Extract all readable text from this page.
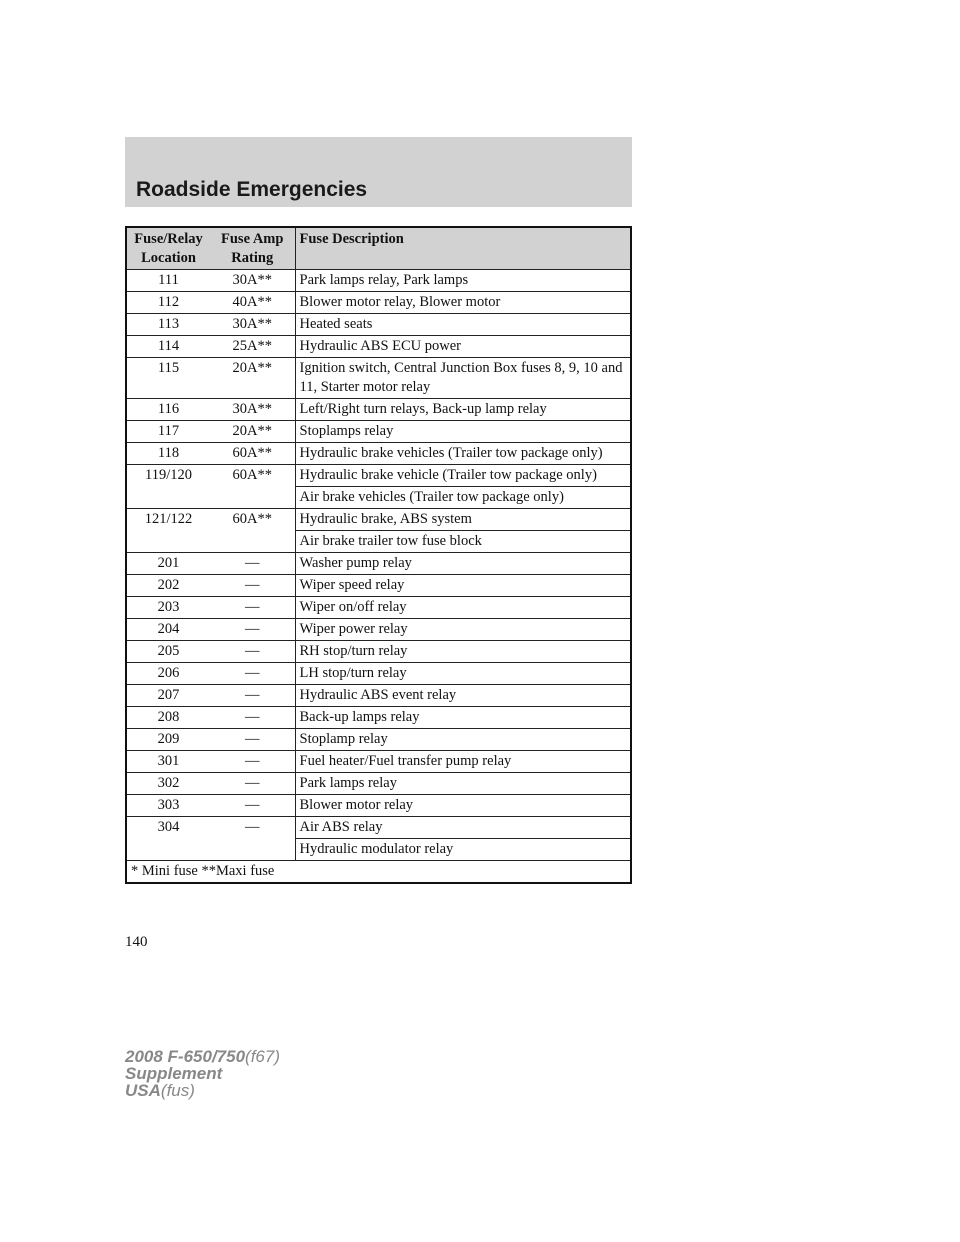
Roadside Emergencies
Fuse/Relay Location	Fuse Amp Rating	Fuse Description
111	30A**	Park lamps relay, Park lamps
112	40A**	Blower motor relay, Blower motor
113	30A**	Heated seats
114	25A**	Hydraulic ABS ECU power
115	20A**	Ignition switch, Central Junction Box fuses 8, 9, 10 and 11, Starter motor relay
116	30A**	Left/Right turn relays, Back-up lamp relay
117	20A**	Stoplamps relay
118	60A**	Hydraulic brake vehicles (Trailer tow package only)
119/120	60A**	Hydraulic brake vehicle (Trailer tow package only)
		Air brake vehicles (Trailer tow package only)
121/122	60A**	Hydraulic brake, ABS system
		Air brake trailer tow fuse block
201	—	Washer pump relay
202	—	Wiper speed relay
203	—	Wiper on/off relay
204	—	Wiper power relay
205	—	RH stop/turn relay
206	—	LH stop/turn relay
207	—	Hydraulic ABS event relay
208	—	Back-up lamps relay
209	—	Stoplamp relay
301	—	Fuel heater/Fuel transfer pump relay
302	—	Park lamps relay
303	—	Blower motor relay
304	—	Air ABS relay
		Hydraulic modulator relay
* Mini fuse **Maxi fuse		
140
2008 F-650/750(f67)
Supplement
USA(fus)
